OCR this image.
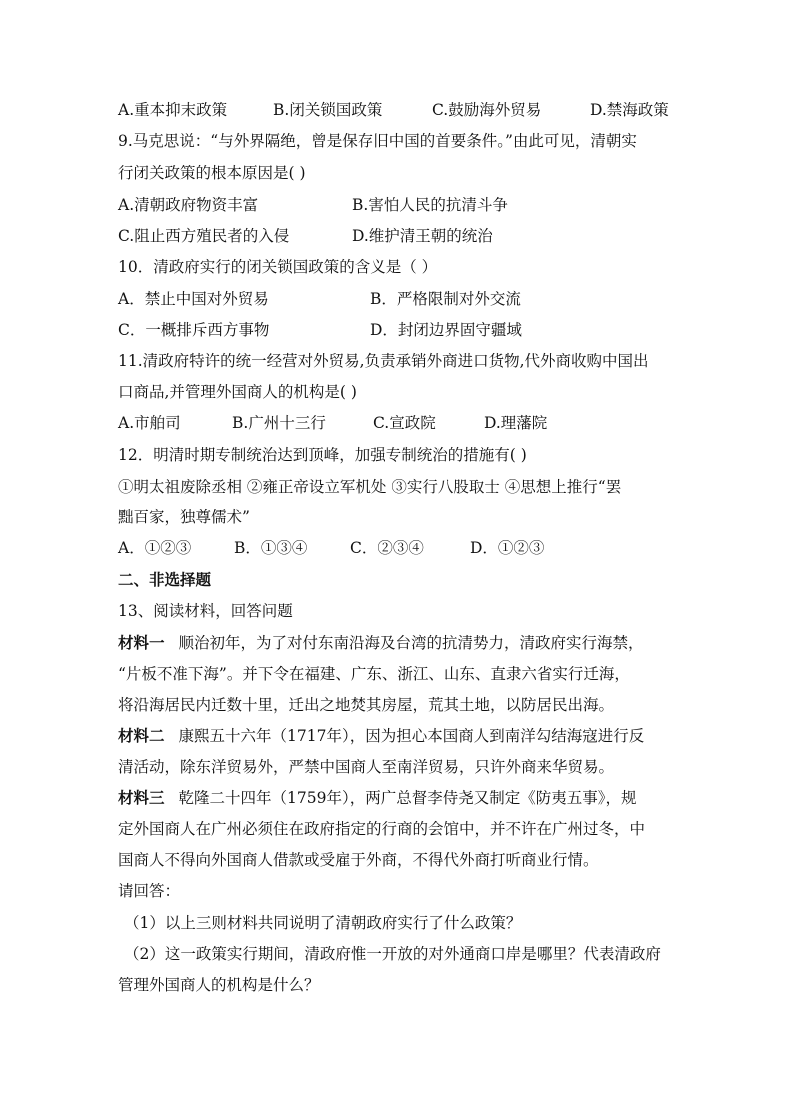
A.重本抑末政策	B.闭关锁国政策	C.鼓励海外贸易	D.禁海政策
9.马克思说：“与外界隔绝，曾是保存旧中国的首要条件。”由此可见，清朝实
行闭关政策的根本原因是( )
A.清朝政府物资丰富	B.害怕人民的抗清斗争
C.阻止西方殖民者的入侵	D.维护清王朝的统治
10．清政府实行的闭关锁国政策的含义是（ ）
A．禁止中国对外贸易	B．严格限制对外交流
C．一概排斥西方事物	D．封闭边界固守疆域
11.清政府特许的统一经营对外贸易,负责承销外商进口货物,代外商收购中国出
口商品,并管理外国商人的机构是( )
A.市舶司	B.广州十三行	C.宣政院	D.理藩院
12．明清时期专制统治达到顶峰，加强专制统治的措施有( )
①明太祖废除丞相 ②雍正帝设立军机处 ③实行八股取士 ④思想上推行“罢
黜百家，独尊儒术”
A．①②③	B．①③④	C．②③④	D．①②③
二、非选择题
13、阅读材料，回答问题
材料一 顺治初年，为了对付东南沿海及台湾的抗清势力，清政府实行海禁，
“片板不准下海”。并下令在福建、广东、浙江、山东、直隶六省实行迁海，
将沿海居民内迁数十里，迁出之地焚其房屋，荒其土地，以防居民出海。
材料二 康熙五十六年（1717年），因为担心本国商人到南洋勾结海寇进行反
清活动，除东洋贸易外，严禁中国商人至南洋贸易，只许外商来华贸易。
材料三 乾隆二十四年（1759年），两广总督李侍尧又制定《防夷五事》，规
定外国商人在广州必须住在政府指定的行商的会馆中，并不许在广州过冬，中
国商人不得向外国商人借款或受雇于外商，不得代外商打听商业行情。
请回答：
（1）以上三则材料共同说明了清朝政府实行了什么政策？
（2）这一政策实行期间，清政府惟一开放的对外通商口岸是哪里？代表清政府
管理外国商人的机构是什么？
